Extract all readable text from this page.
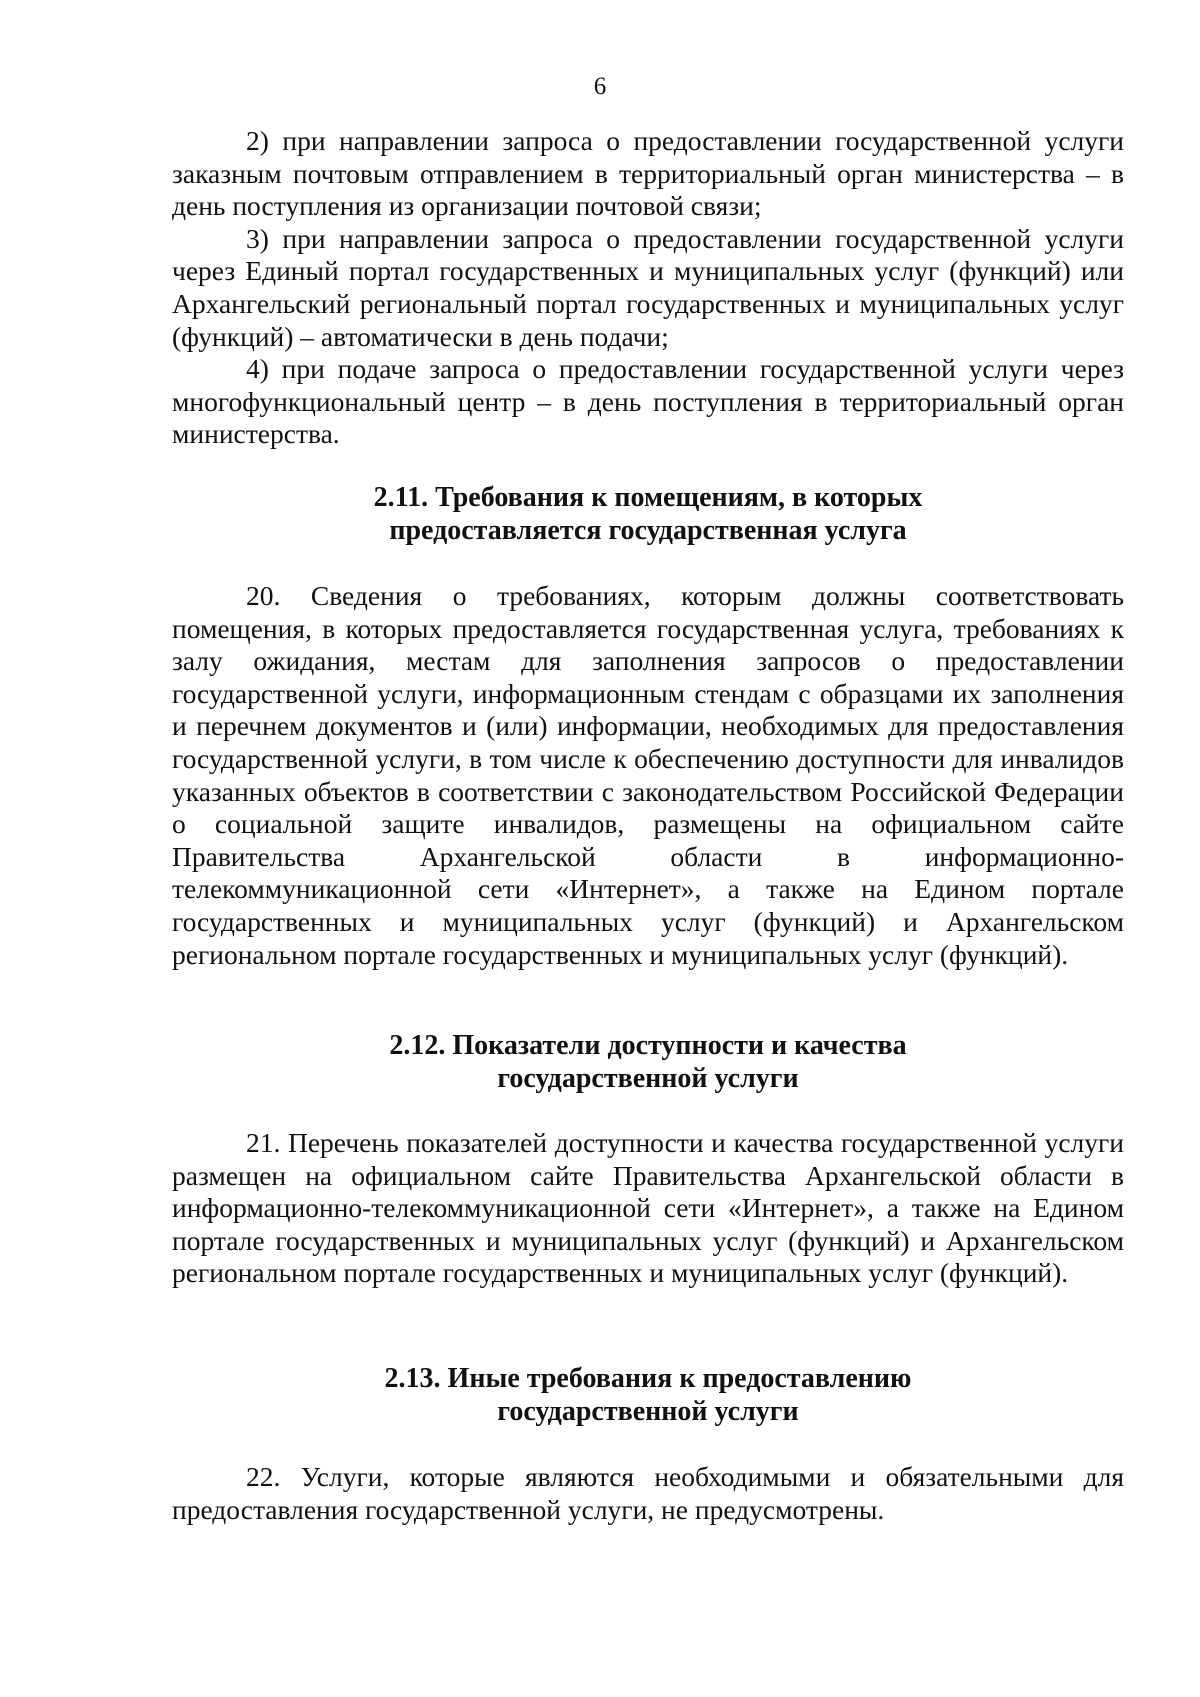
6

2) при направлении запроса о предоставлении государственной услуги заказным почтовым отправлением в территориальный орган министерства – в день поступления из организации почтовой связи;

3) при направлении запроса о предоставлении государственной услуги через Единый портал государственных и муниципальных услуг (функций) или Архангельский региональный портал государственных и муниципальных услуг (функций) – автоматически в день подачи;

4) при подаче запроса о предоставлении государственной услуги через многофункциональный центр – в день поступления в территориальный орган министерства.

2.11. Требования к помещениям, в которых
предоставляется государственная услуга

20. Сведения о требованиях, которым должны соответствовать помещения, в которых предоставляется государственная услуга, требованиях к залу ожидания, местам для заполнения запросов о предоставлении государственной услуги, информационным стендам с образцами их заполнения и перечнем документов и (или) информации, необходимых для предоставления государственной услуги, в том числе к обеспечению доступности для инвалидов указанных объектов в соответствии с законодательством Российской Федерации о социальной защите инвалидов, размещены на официальном сайте Правительства Архангельской области в информационно-телекоммуникационной сети «Интернет», а также на Едином портале государственных и муниципальных услуг (функций) и Архангельском региональном портале государственных и муниципальных услуг (функций).

2.12. Показатели доступности и качества
государственной услуги

21. Перечень показателей доступности и качества государственной услуги размещен на официальном сайте Правительства Архангельской области в информационно-телекоммуникационной сети «Интернет», а также на Едином портале государственных и муниципальных услуг (функций) и Архангельском региональном портале государственных и муниципальных услуг (функций).

2.13. Иные требования к предоставлению
государственной услуги

22. Услуги, которые являются необходимыми и обязательными для предоставления государственной услуги, не предусмотрены.
